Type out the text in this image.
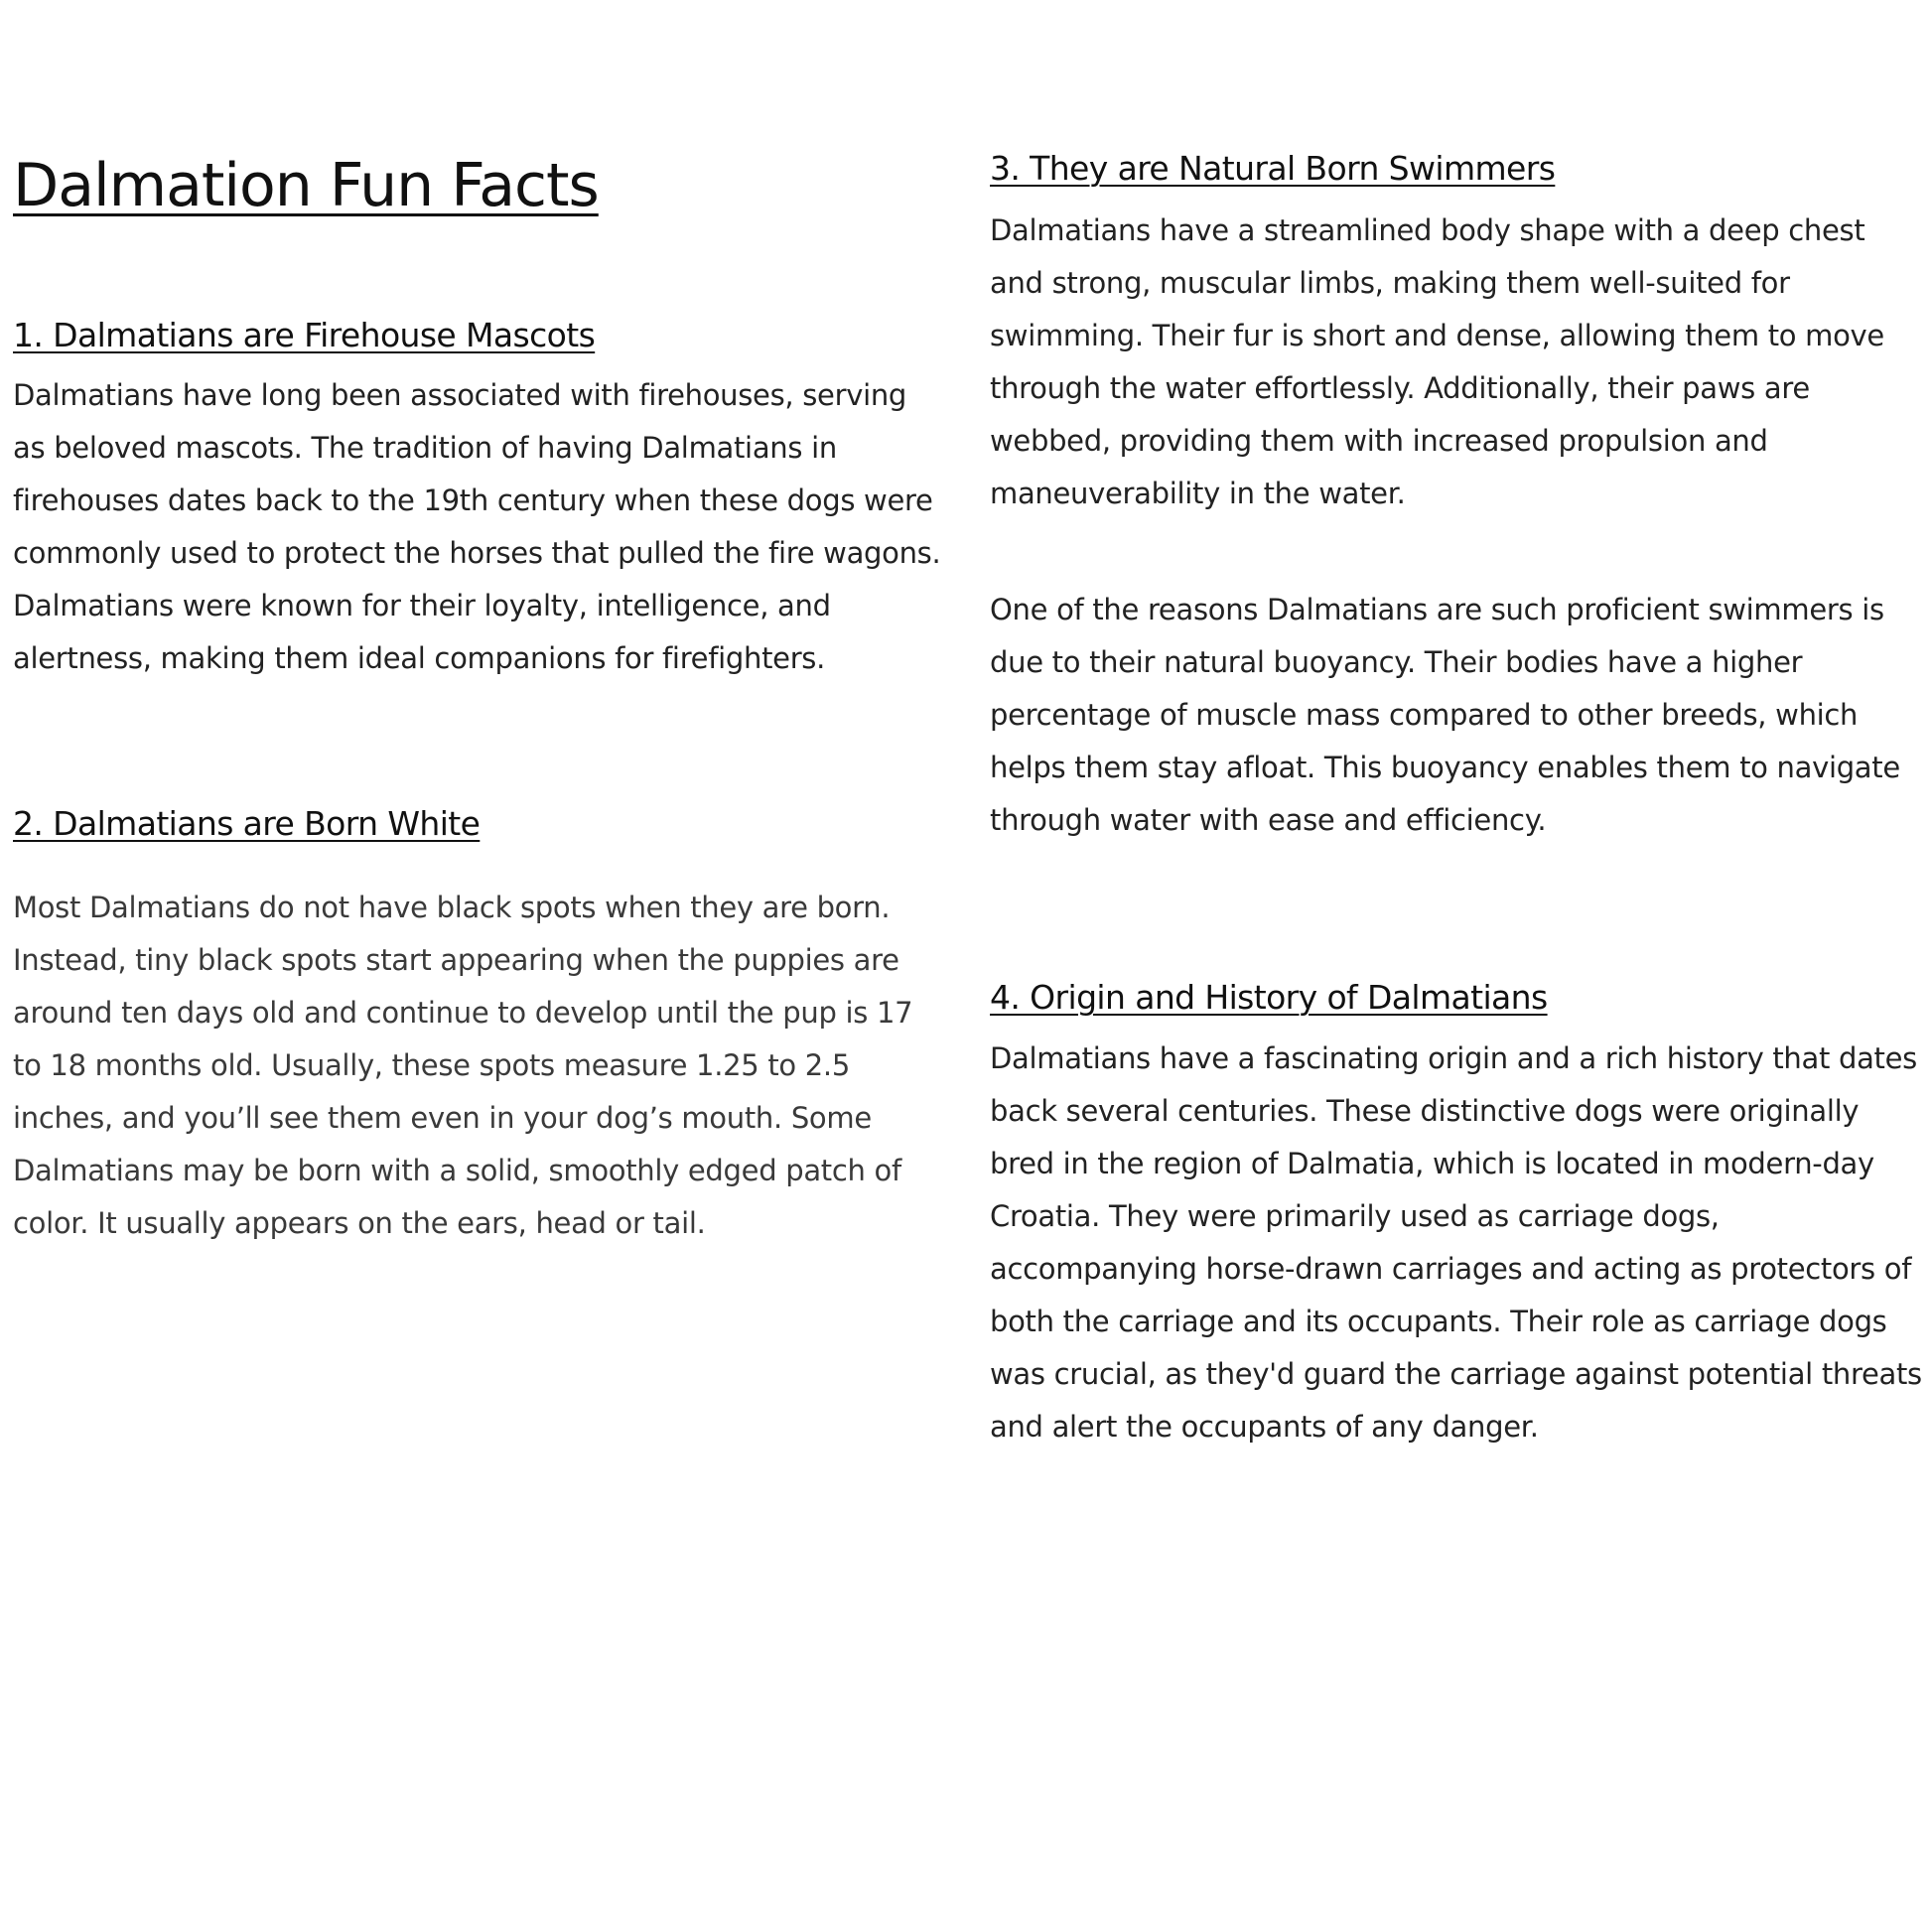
Dalmation Fun Facts
1. Dalmatians are Firehouse Mascots

Dalmatians have long been associated with firehouses, serving as beloved mascots. The tradition of having Dalmatians in firehouses dates back to the 19th century when these dogs were commonly used to protect the horses that pulled the fire wagons. Dalmatians were known for their loyalty, intelligence, and alertness, making them ideal companions for firefighters.

2. Dalmatians are Born White

Most Dalmatians do not have black spots when they are born. Instead, tiny black spots start appearing when the puppies are around ten days old and continue to develop until the pup is 17 to 18 months old. Usually, these spots measure 1.25 to 2.5 inches, and you’ll see them even in your dog’s mouth. Some Dalmatians may be born with a solid, smoothly edged patch of color. It usually appears on the ears, head or tail.

3. They are Natural Born Swimmers

Dalmatians have a streamlined body shape with a deep chest and strong, muscular limbs, making them well-suited for swimming. Their fur is short and dense, allowing them to move through the water effortlessly. Additionally, their paws are webbed, providing them with increased propulsion and maneuverability in the water.

One of the reasons Dalmatians are such proficient swimmers is due to their natural buoyancy. Their bodies have a higher percentage of muscle mass compared to other breeds, which helps them stay afloat. This buoyancy enables them to navigate through water with ease and efficiency.

4. Origin and History of Dalmatians

Dalmatians have a fascinating origin and a rich history that dates back several centuries. These distinctive dogs were originally bred in the region of Dalmatia, which is located in modern-day Croatia. They were primarily used as carriage dogs, accompanying horse-drawn carriages and acting as protectors of both the carriage and its occupants. Their role as carriage dogs was crucial, as they'd guard the carriage against potential threats and alert the occupants of any danger.
